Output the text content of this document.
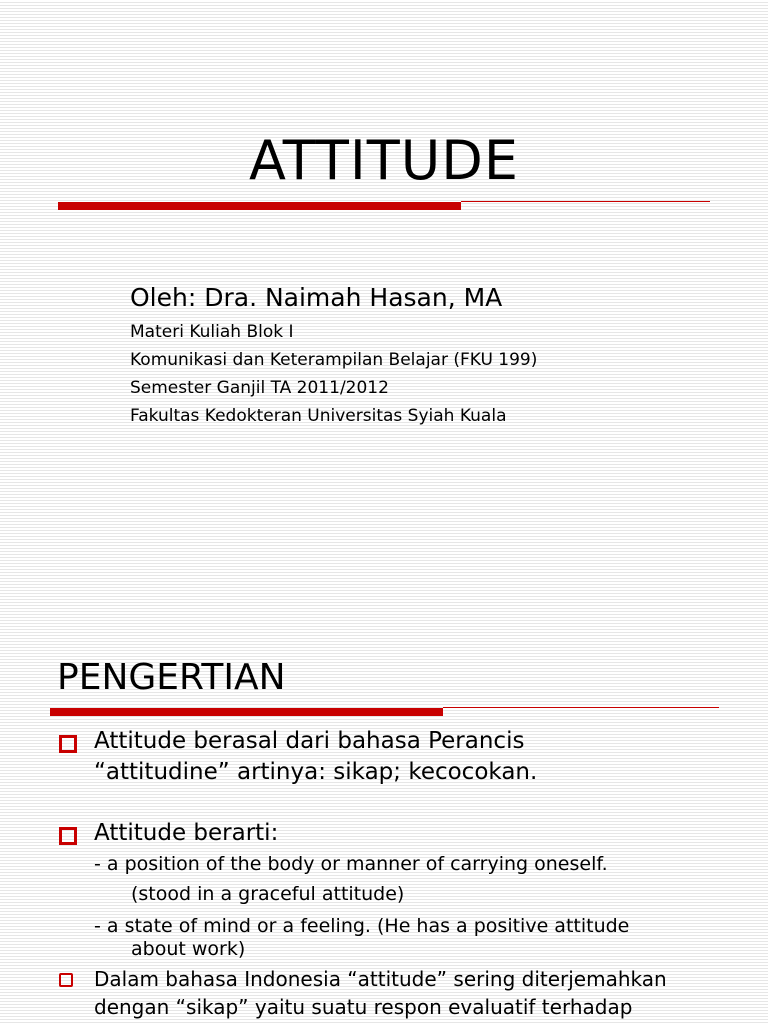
ATTITUDE
Oleh: Dra. Naimah Hasan, MA
Materi Kuliah Blok I
Komunikasi dan Keterampilan Belajar (FKU 199)
Semester Ganjil TA 2011/2012
Fakultas Kedokteran Universitas Syiah Kuala
PENGERTIAN
Attitude berasal dari bahasa Perancis
“attitudine” artinya: sikap; kecocokan.
Attitude berarti:
- a position of the body or manner of carrying oneself.
(stood in a graceful attitude)
- a state of mind or a feeling. (He has a positive attitude
about work)
Dalam bahasa Indonesia “attitude” sering diterjemahkan
dengan “sikap” yaitu suatu respon evaluatif terhadap
